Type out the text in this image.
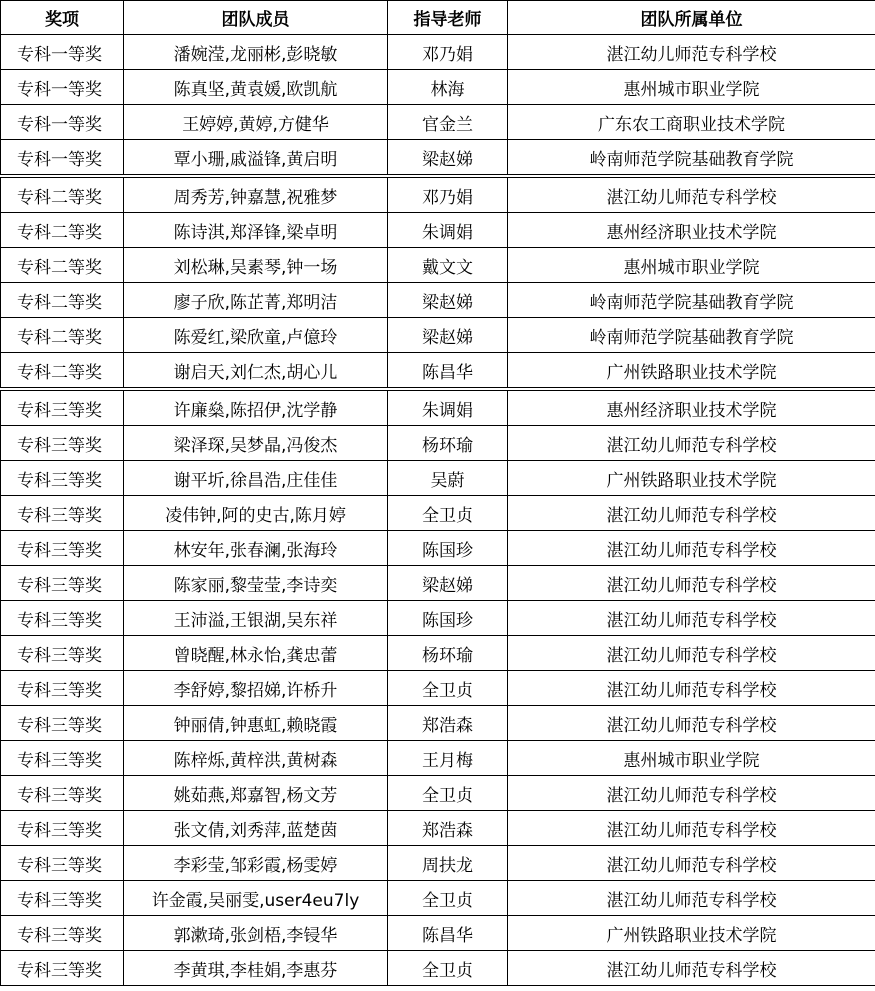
奖项	团队成员	指导老师	团队所属单位
专科一等奖	潘婉滢,龙丽彬,彭晓敏	邓乃娟	湛江幼儿师范专科学校
专科一等奖	陈真坚,黄袁媛,欧凯航	林海	惠州城市职业学院
专科一等奖	王婷婷,黄婷,方健华	官金兰	广东农工商职业技术学院
专科一等奖	覃小珊,戚溢锋,黄启明	梁赵娣	岭南师范学院基础教育学院
专科二等奖	周秀芳,钟嘉慧,祝雅梦	邓乃娟	湛江幼儿师范专科学校
专科二等奖	陈诗淇,郑泽锋,梁卓明	朱调娟	惠州经济职业技术学院
专科二等奖	刘松琳,吴素琴,钟一场	戴文文	惠州城市职业学院
专科二等奖	廖子欣,陈芷菁,郑明洁	梁赵娣	岭南师范学院基础教育学院
专科二等奖	陈爱红,梁欣童,卢億玲	梁赵娣	岭南师范学院基础教育学院
专科二等奖	谢启天,刘仁杰,胡心儿	陈昌华	广州铁路职业技术学院
专科三等奖	许廉燊,陈招伊,沈学静	朱调娟	惠州经济职业技术学院
专科三等奖	梁泽琛,吴梦晶,冯俊杰	杨环瑜	湛江幼儿师范专科学校
专科三等奖	谢平圻,徐昌浩,庄佳佳	吴蔚	广州铁路职业技术学院
专科三等奖	凌伟钟,阿的史古,陈月婷	全卫贞	湛江幼儿师范专科学校
专科三等奖	林安年,张春澜,张海玲	陈国珍	湛江幼儿师范专科学校
专科三等奖	陈家丽,黎莹莹,李诗奕	梁赵娣	湛江幼儿师范专科学校
专科三等奖	王沛溢,王银湖,吴东祥	陈国珍	湛江幼儿师范专科学校
专科三等奖	曾晓醒,林永怡,龚忠蕾	杨环瑜	湛江幼儿师范专科学校
专科三等奖	李舒婷,黎招娣,许桥升	全卫贞	湛江幼儿师范专科学校
专科三等奖	钟丽倩,钟惠虹,赖晓霞	郑浩森	湛江幼儿师范专科学校
专科三等奖	陈梓烁,黄梓洪,黄树森	王月梅	惠州城市职业学院
专科三等奖	姚茹燕,郑嘉智,杨文芳	全卫贞	湛江幼儿师范专科学校
专科三等奖	张文倩,刘秀萍,蓝楚茵	郑浩森	湛江幼儿师范专科学校
专科三等奖	李彩莹,邹彩霞,杨雯婷	周扶龙	湛江幼儿师范专科学校
专科三等奖	许金霞,吴丽雯,user4eu7ly	全卫贞	湛江幼儿师范专科学校
专科三等奖	郭漱琦,张剑梧,李锓华	陈昌华	广州铁路职业技术学院
专科三等奖	李黄琪,李桂娟,李惠芬	全卫贞	湛江幼儿师范专科学校
